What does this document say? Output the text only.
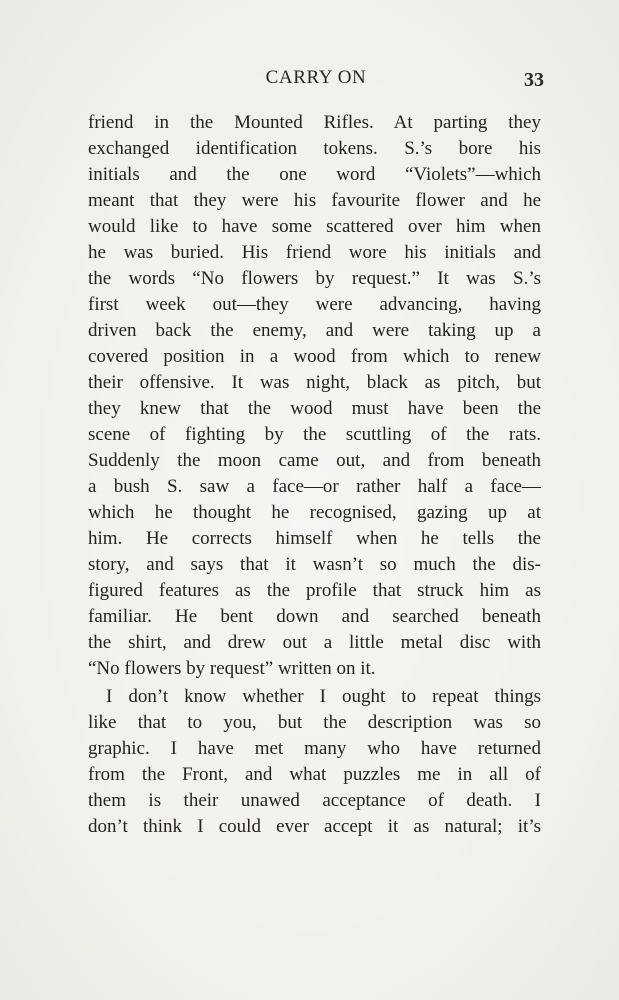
CARRY ON	33
friend in the Mounted Rifles. At parting they
exchanged identification tokens. S.’s bore his
initials and the one word “Violets”—which
meant that they were his favourite flower and he
would like to have some scattered over him when
he was buried. His friend wore his initials and
the words “No flowers by request.” It was S.’s
first week out—they were advancing, having
driven back the enemy, and were taking up a
covered position in a wood from which to renew
their offensive. It was night, black as pitch, but
they knew that the wood must have been the
scene of fighting by the scuttling of the rats.
Suddenly the moon came out, and from beneath
a bush S. saw a face—or rather half a face—
which he thought he recognised, gazing up at
him. He corrects himself when he tells the
story, and says that it wasn’t so much the dis-
figured features as the profile that struck him as
familiar. He bent down and searched beneath
the shirt, and drew out a little metal disc with
“No flowers by request” written on it.
I don’t know whether I ought to repeat things
like that to you, but the description was so
graphic. I have met many who have returned
from the Front, and what puzzles me in all of
them is their unawed acceptance of death. I
don’t think I could ever accept it as natural; it’s
